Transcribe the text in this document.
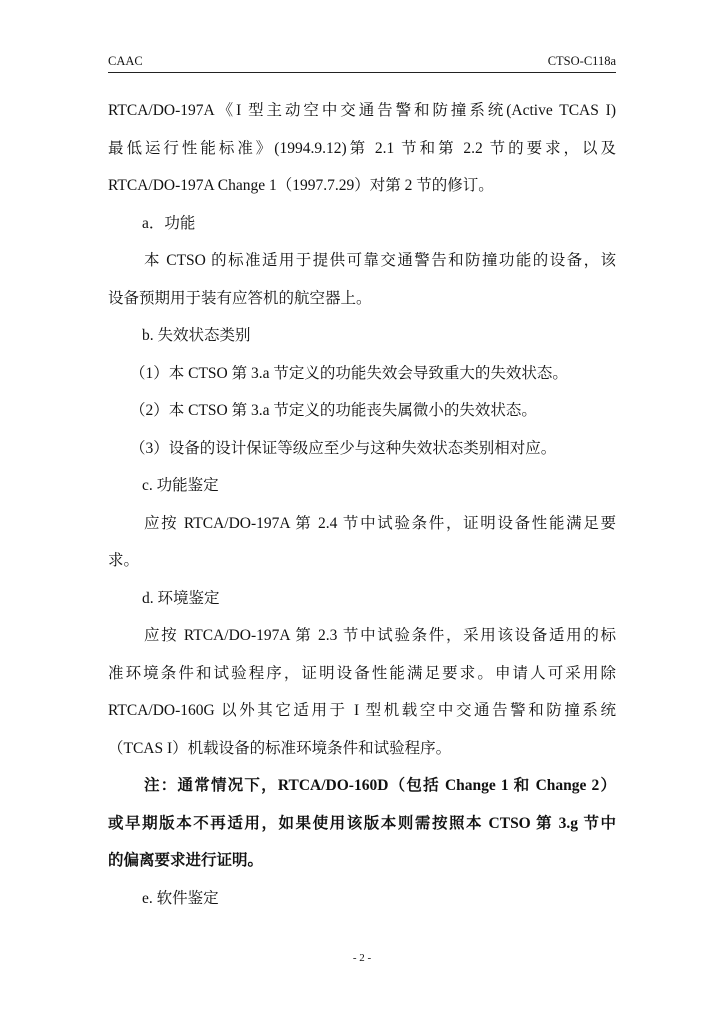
CAAC	CTSO-C118a
RTCA/DO-197A《I 型主动空中交通告警和防撞系统(Active TCAS I)
最低运行性能标准》(1994.9.12)第 2.1 节和第 2.2 节的要求，以及
RTCA/DO-197A Change 1（1997.7.29）对第 2 节的修订。
a．功能
本 CTSO 的标准适用于提供可靠交通警告和防撞功能的设备，该
设备预期用于装有应答机的航空器上。
b. 失效状态类别
（1）本 CTSO 第 3.a 节定义的功能失效会导致重大的失效状态。
（2）本 CTSO 第 3.a 节定义的功能丧失属微小的失效状态。
（3）设备的设计保证等级应至少与这种失效状态类别相对应。
c. 功能鉴定
应按 RTCA/DO-197A 第 2.4 节中试验条件，证明设备性能满足要
求。
d. 环境鉴定
应按 RTCA/DO-197A 第 2.3 节中试验条件，采用该设备适用的标
准环境条件和试验程序，证明设备性能满足要求。申请人可采用除
RTCA/DO-160G 以外其它适用于 I 型机载空中交通告警和防撞系统
（TCAS I）机载设备的标准环境条件和试验程序。
注：通常情况下，RTCA/DO-160D（包括 Change 1 和 Change 2）
或早期版本不再适用，如果使用该版本则需按照本 CTSO 第 3.g 节中
的偏离要求进行证明。
e. 软件鉴定
- 2 -
